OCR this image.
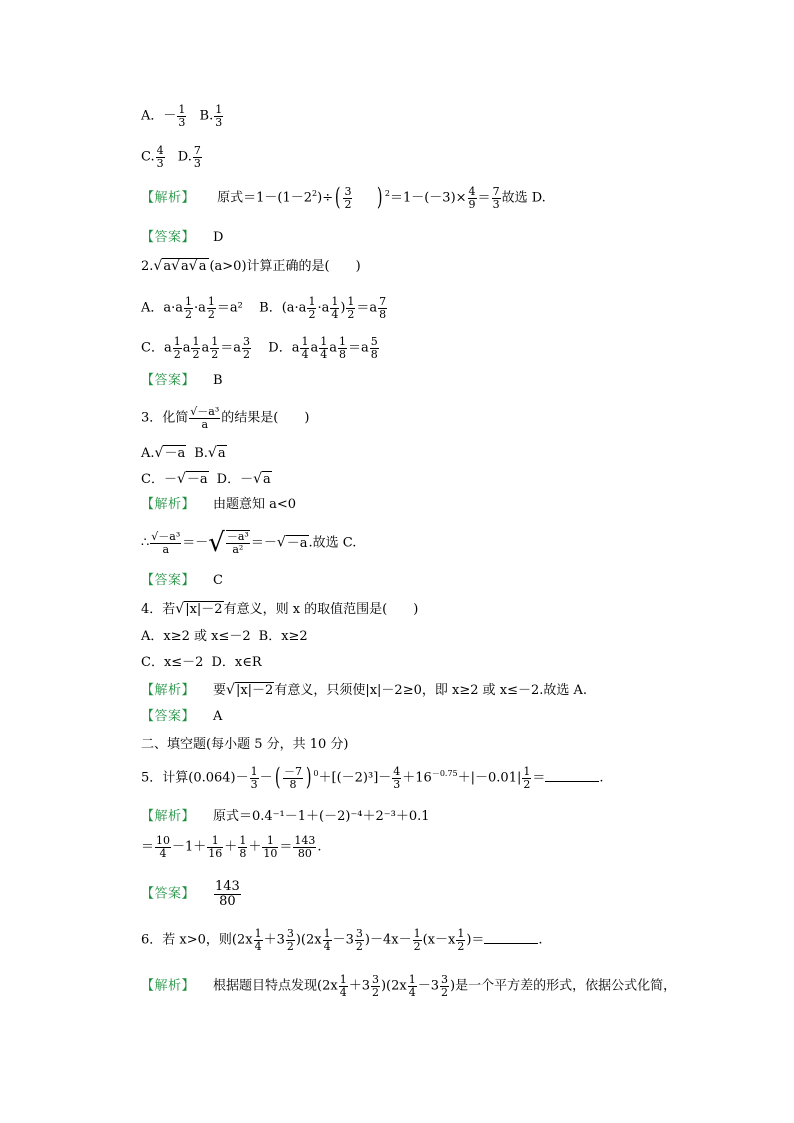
A．－ $\frac{1}{3} B$. $\frac{1}{3}$
C. $\frac{4}{3} D$. $\frac{7}{3}$
【解析】 原式$=1-(1-2^2)\div( \frac{3}{2}$ ) $^2=1-(-3)\times \frac{4}{9} = \frac{7}{3}$ 故选 D.
【答案】 D
2.√a√a√a (a>0)计算正确的是(　　)
A．$a\cdot a \frac{1}{2} \cdot a \frac{1}{2} =a^2$ B．($a\cdot a \frac{1}{2} \cdot a \frac{1}{4}$ ) $\frac{1}{2} =a \frac{7}{8}$
C．a $\frac{1}{2}$ a $\frac{1}{2}$ a $\frac{1}{2} =a \frac{3}{2}$ D．a $\frac{1}{4}$ a $\frac{1}{4}$ a $\frac{1}{8} =a \frac{5}{8}$
【答案】 B
3．化简 $\frac{\text{√－a³}}{a}$ 的结果是(　　)
A.√－a B.√a
C．－√－a D．－√a
【解析】 由题意知 a<0
∴ $\frac{\text{√－a³}}{a}$ ＝－√ $\frac{\text{－a³}}{\text{a²}} =-√-a$.故选 C.
【答案】 C
4．若√|x|－2有意义，则 x 的取值范围是(　　)
A．x≥2 或 x≤－2 B．x≥2
C．x≤－2 D．x∈R
【解析】 要√|x|－2有意义，只须使|x|－2≥0，即 x≥2 或 x≤－2.故选 A.
【答案】 A
二、填空题(每小题 5 分，共 10 分)
5．计算$(0.064)- \frac{1}{3}$ －( $\frac{-7}{8}$ ) $^0+[(-2)^3]- \frac{4}{3} +16^{-0.75}+|-0.01| \frac{1}{2}$ ＝	.
【解析】 原式＝0.4⁻¹－1＋(－2)⁻⁴＋2⁻³＋0.1
＝ $\frac{10}{4} -1+ \frac{1}{16} + \frac{1}{8} + \frac{1}{10} = \frac{143}{80}$ .
【答案】 $\frac{143}{80}$
6．若 x>0，则$(2x \frac{1}{4} +3 \frac{3}{2} )(2x \frac{1}{4} -3 \frac{3}{2} )-4x- \frac{1}{2} (x-x \frac{1}{2}$ )＝	.
【解析】 根据题目特点发现$(2x \frac{1}{4} +3 \frac{3}{2} )(2x \frac{1}{4} -3 \frac{3}{2}$ )是一个平方差的形式，依据公式化简，
